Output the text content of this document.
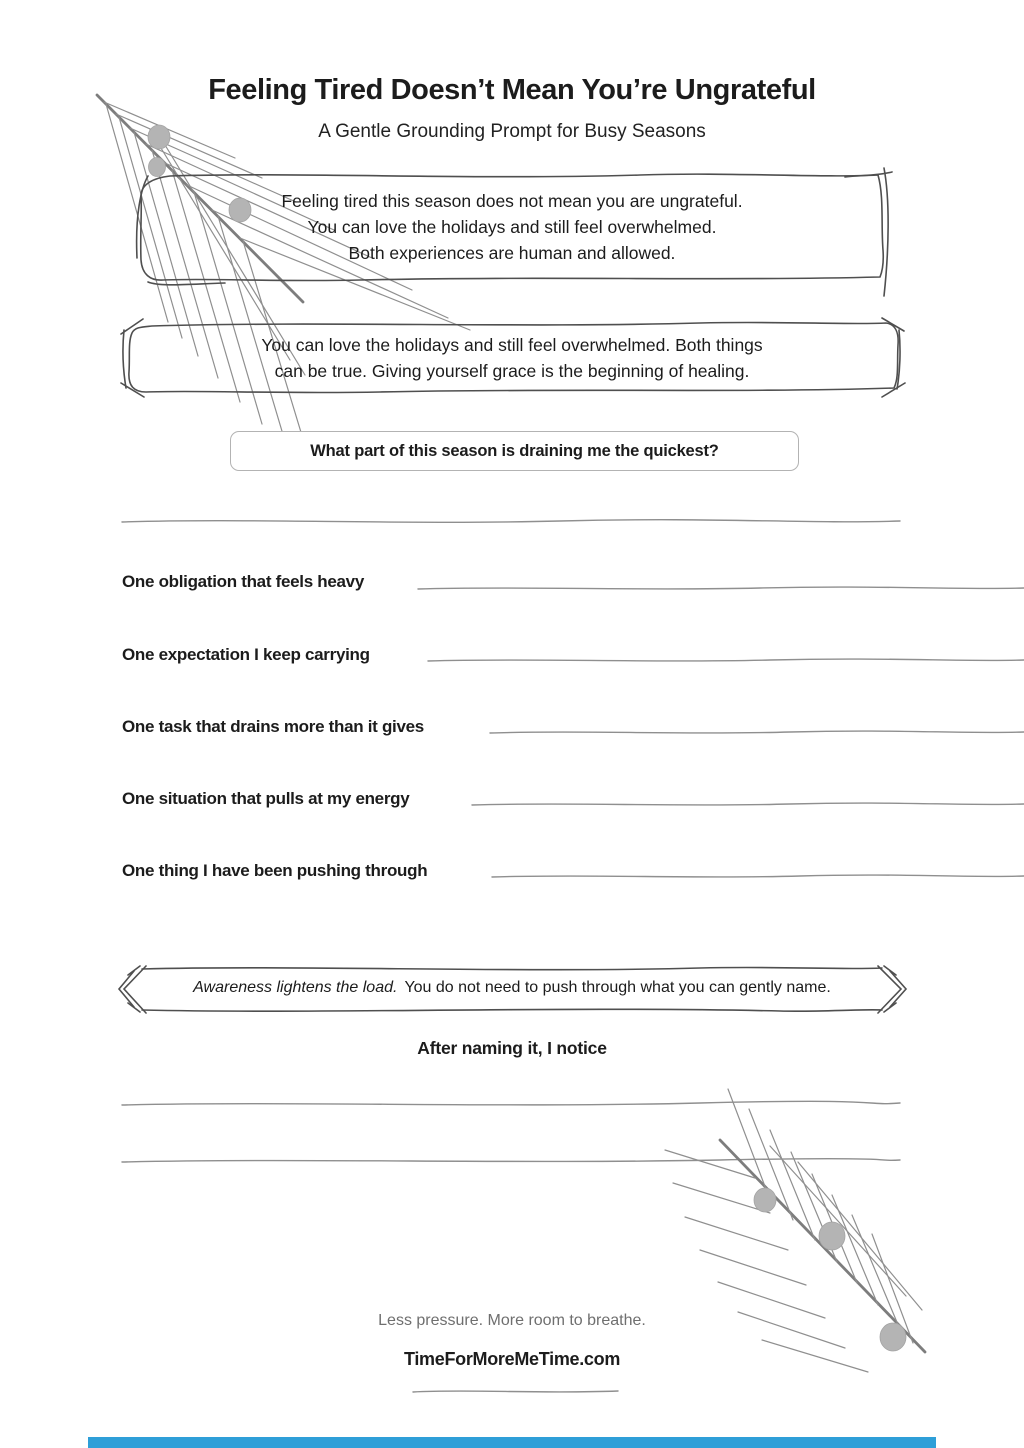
Feeling Tired Doesn’t Mean You’re Ungrateful
A Gentle Grounding Prompt for Busy Seasons
Feeling tired this season does not mean you are ungrateful.
You can love the holidays and still feel overwhelmed.
Both experiences are human and allowed.
You can love the holidays and still feel overwhelmed. Both things
can be true. Giving yourself grace is the beginning of healing.
What part of this season is draining me the quickest?
One obligation that feels heavy
One expectation I keep carrying
One task that drains more than it gives
One situation that pulls at my energy
One thing I have been pushing through
Awareness lightens the load. You do not need to push through what you can gently name.
After naming it, I notice
Less pressure. More room to breathe.
TimeForMoreMeTime.com
